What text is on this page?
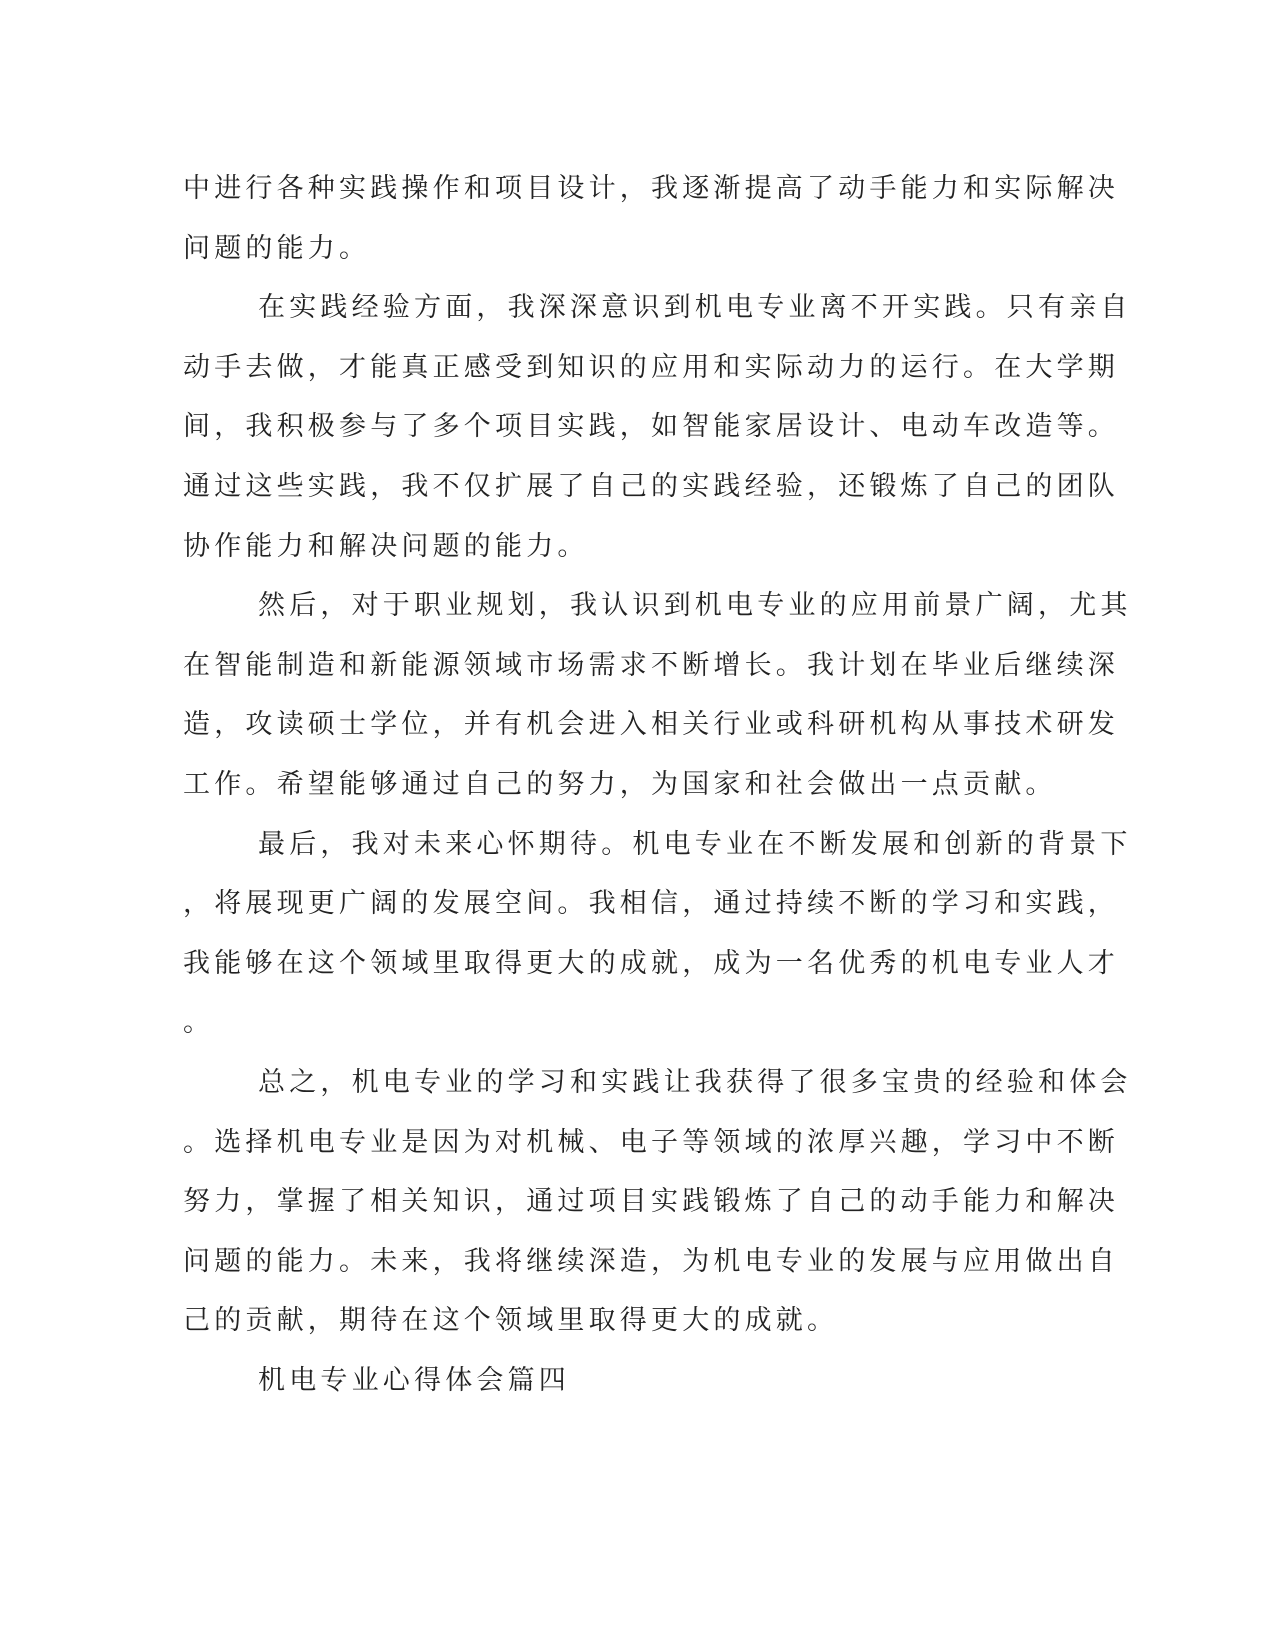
中进行各种实践操作和项目设计，我逐渐提高了动手能力和实际解决
问题的能力。
在实践经验方面，我深深意识到机电专业离不开实践。只有亲自
动手去做，才能真正感受到知识的应用和实际动力的运行。在大学期
间，我积极参与了多个项目实践，如智能家居设计、电动车改造等。
通过这些实践，我不仅扩展了自己的实践经验，还锻炼了自己的团队
协作能力和解决问题的能力。
然后，对于职业规划，我认识到机电专业的应用前景广阔，尤其
在智能制造和新能源领域市场需求不断增长。我计划在毕业后继续深
造，攻读硕士学位，并有机会进入相关行业或科研机构从事技术研发
工作。希望能够通过自己的努力，为国家和社会做出一点贡献。
最后，我对未来心怀期待。机电专业在不断发展和创新的背景下
，将展现更广阔的发展空间。我相信，通过持续不断的学习和实践，
我能够在这个领域里取得更大的成就，成为一名优秀的机电专业人才
。
总之，机电专业的学习和实践让我获得了很多宝贵的经验和体会
。选择机电专业是因为对机械、电子等领域的浓厚兴趣，学习中不断
努力，掌握了相关知识，通过项目实践锻炼了自己的动手能力和解决
问题的能力。未来，我将继续深造，为机电专业的发展与应用做出自
己的贡献，期待在这个领域里取得更大的成就。
机电专业心得体会篇四
